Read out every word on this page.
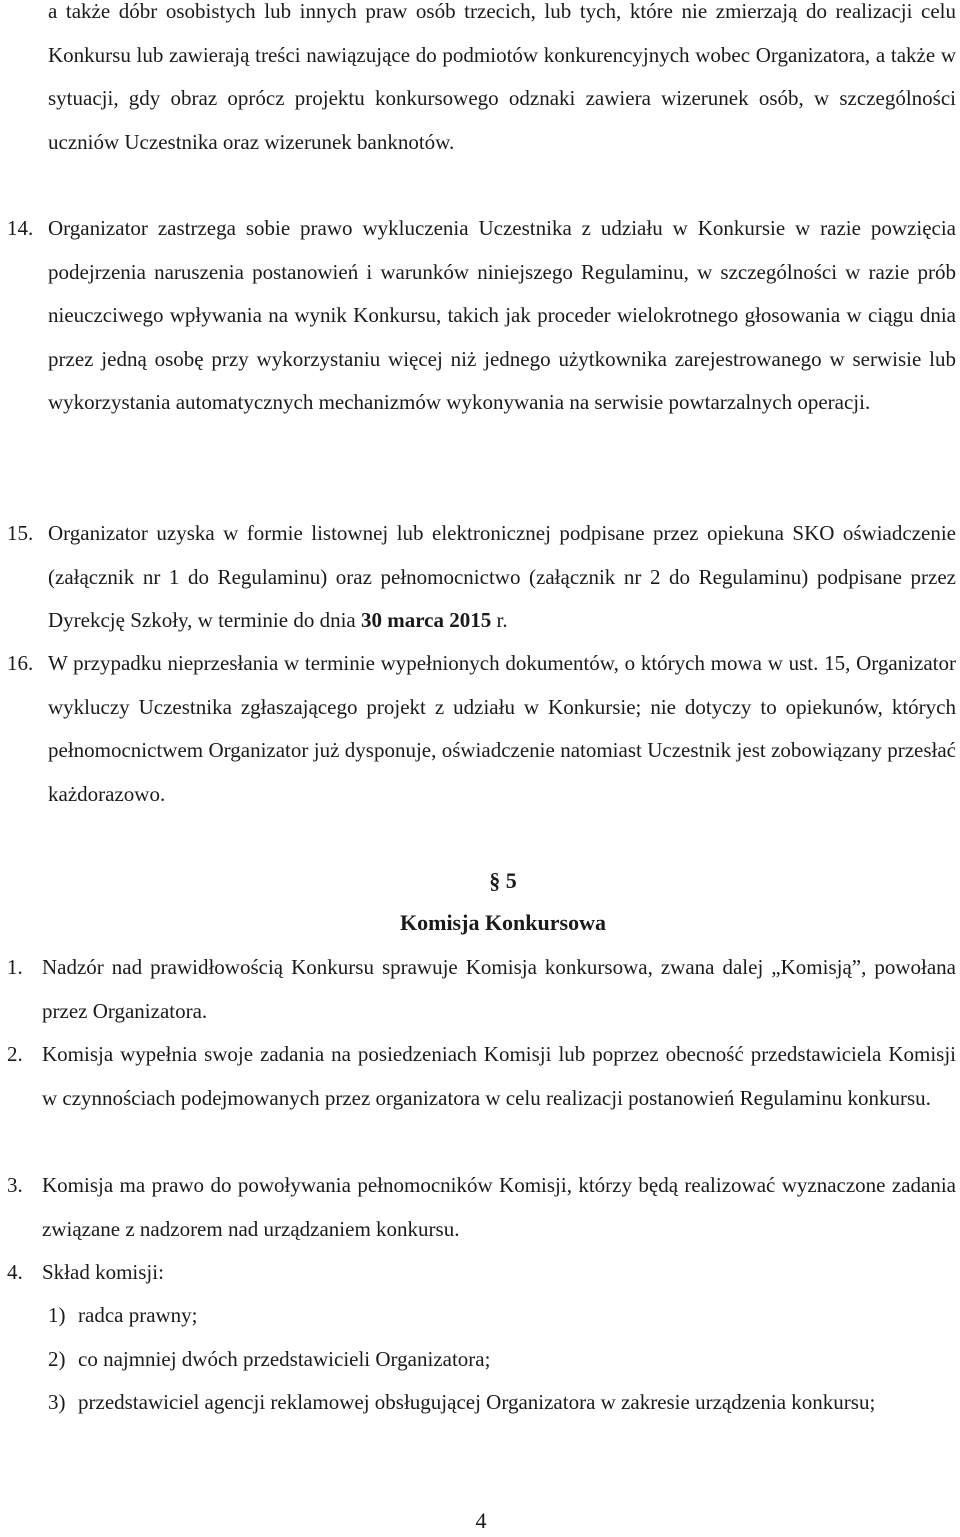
a także dóbr osobistych lub innych praw osób trzecich, lub tych, które nie zmierzają do realizacji celu Konkursu lub zawierają treści nawiązujące do podmiotów konkurencyjnych wobec Organizatora, a także w sytuacji, gdy obraz oprócz projektu konkursowego odznaki zawiera wizerunek osób, w szczególności uczniów Uczestnika oraz wizerunek banknotów.
14. Organizator zastrzega sobie prawo wykluczenia Uczestnika z udziału w Konkursie w razie powzięcia podejrzenia naruszenia postanowień i warunków niniejszego Regulaminu, w szczególności w razie prób nieuczciwego wpływania na wynik Konkursu, takich jak proceder wielokrotnego głosowania w ciągu dnia przez jedną osobę przy wykorzystaniu więcej niż jednego użytkownika zarejestrowanego w serwisie lub wykorzystania automatycznych mechanizmów wykonywania na serwisie powtarzalnych operacji.
15. Organizator uzyska w formie listownej lub elektronicznej podpisane przez opiekuna SKO oświadczenie (załącznik nr 1 do Regulaminu) oraz pełnomocnictwo (załącznik nr 2 do Regulaminu) podpisane przez Dyrekcję Szkoły, w terminie do dnia 30 marca 2015 r.
16. W przypadku nieprzesłania w terminie wypełnionych dokumentów, o których mowa w ust. 15, Organizator wykluczy Uczestnika zgłaszającego projekt z udziału w Konkursie; nie dotyczy to opiekunów, których pełnomocnictwem Organizator już dysponuje, oświadczenie natomiast Uczestnik jest zobowiązany przesłać każdorazowo.
§ 5
Komisja Konkursowa
1. Nadzór nad prawidłowością Konkursu sprawuje Komisja konkursowa, zwana dalej „Komisją”, powołana przez Organizatora.
2. Komisja wypełnia swoje zadania na posiedzeniach Komisji lub poprzez obecność przedstawiciela Komisji w czynnościach podejmowanych przez organizatora w celu realizacji postanowień Regulaminu konkursu.
3. Komisja ma prawo do powoływania pełnomocników Komisji, którzy będą realizować wyznaczone zadania związane z nadzorem nad urządzaniem konkursu.
4. Skład komisji:
1) radca prawny;
2) co najmniej dwóch przedstawicieli Organizatora;
3) przedstawiciel agencji reklamowej obsługującej Organizatora w zakresie urządzenia konkursu;
4
